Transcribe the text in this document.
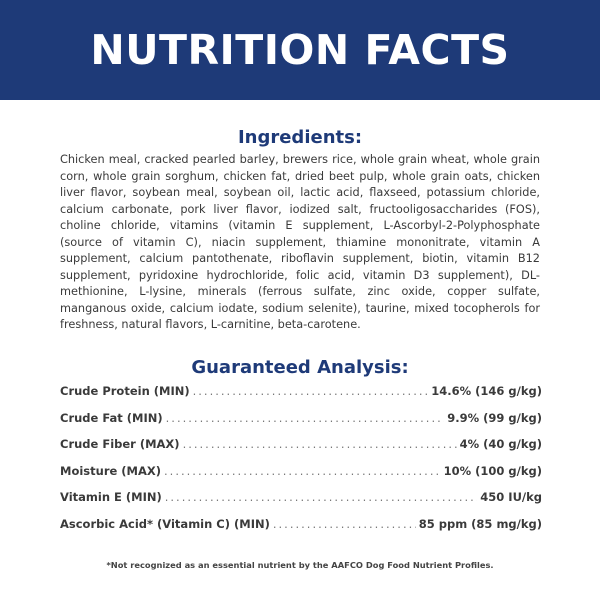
NUTRITION FACTS
Ingredients:

Chicken meal, cracked pearled barley, brewers rice, whole grain wheat, whole grain corn, whole grain sorghum, chicken fat, dried beet pulp, whole grain oats, chicken liver flavor, soybean meal, soybean oil, lactic acid, flaxseed, potassium chloride, calcium carbonate, pork liver flavor, iodized salt, fructooligosaccharides (FOS), choline chloride, vitamins (vitamin E supplement, L-Ascorbyl-2-Polyphosphate (source of vitamin C), niacin supplement, thiamine mononitrate, vitamin A supplement, calcium pantothenate, riboflavin supplement, biotin, vitamin B12 supplement, pyridoxine hydrochloride, folic acid, vitamin D3 supplement), DL-methionine, L-lysine, minerals (ferrous sulfate, zinc oxide, copper sulfate, manganous oxide, calcium iodate, sodium selenite), taurine, mixed tocopherols for freshness, natural flavors, L-carnitine, beta-carotene.

Guaranteed Analysis:
Crude Protein (MIN) .....	14.6% (146 g/kg)
Crude Fat (MIN) .....	9.9% (99 g/kg)
Crude Fiber (MAX) .....	4% (40 g/kg)
Moisture (MAX) .....	10% (100 g/kg)
Vitamin E (MIN) .....	450 IU/kg
Ascorbic Acid* (Vitamin C) (MIN) .....	85 ppm (85 mg/kg)

*Not recognized as an essential nutrient by the AAFCO Dog Food Nutrient Profiles.
